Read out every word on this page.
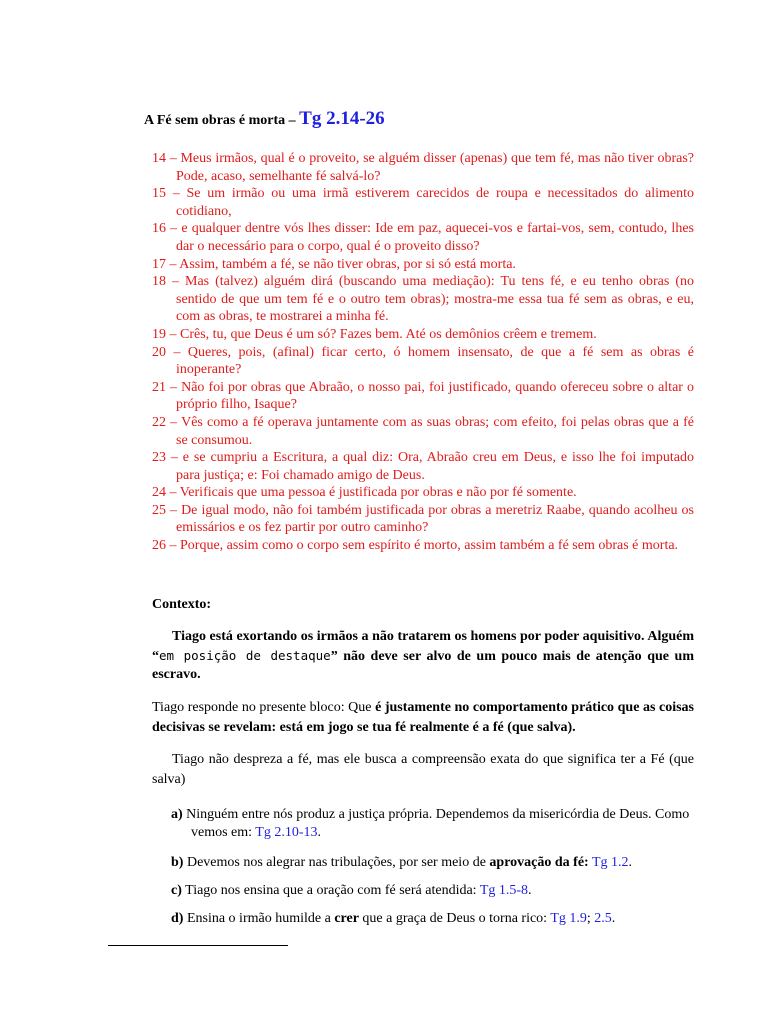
A Fé sem obras é morta – Tg 2.14-26
14 – Meus irmãos, qual é o proveito, se alguém disser (apenas) que tem fé, mas não tiver obras? Pode, acaso, semelhante fé salvá-lo?
15 – Se um irmão ou uma irmã estiverem carecidos de roupa e necessitados do alimento cotidiano,
16 – e qualquer dentre vós lhes disser: Ide em paz, aquecei-vos e fartai-vos, sem, contudo, lhes dar o necessário para o corpo, qual é o proveito disso?
17 – Assim, também a fé, se não tiver obras, por si só está morta.
18 – Mas (talvez) alguém dirá (buscando uma mediação): Tu tens fé, e eu tenho obras (no sentido de que um tem fé e o outro tem obras); mostra-me essa tua fé sem as obras, e eu, com as obras, te mostrarei a minha fé.
19 – Crês, tu, que Deus é um só? Fazes bem. Até os demônios crêem e tremem.
20 – Queres, pois, (afinal) ficar certo, ó homem insensato, de que a fé sem as obras é inoperante?
21 – Não foi por obras que Abraão, o nosso pai, foi justificado, quando ofereceu sobre o altar o próprio filho, Isaque?
22 – Vês como a fé operava juntamente com as suas obras; com efeito, foi pelas obras que a fé se consumou.
23 – e se cumpriu a Escritura, a qual diz: Ora, Abraão creu em Deus, e isso lhe foi imputado para justiça; e: Foi chamado amigo de Deus.
24 – Verificais que uma pessoa é justificada por obras e não por fé somente.
25 – De igual modo, não foi também justificada por obras a meretriz Raabe, quando acolheu os emissários e os fez partir por outro caminho?
26 – Porque, assim como o corpo sem espírito é morto, assim também a fé sem obras é morta.
Contexto:
Tiago está exortando os irmãos a não tratarem os homens por poder aquisitivo. Alguém “em posição de destaque” não deve ser alvo de um pouco mais de atenção que um escravo.
Tiago responde no presente bloco: Que é justamente no comportamento prático que as coisas decisivas se revelam: está em jogo se tua fé realmente é a fé (que salva).
Tiago não despreza a fé, mas ele busca a compreensão exata do que significa ter a Fé (que salva)
a) Ninguém entre nós produz a justiça própria. Dependemos da misericórdia de Deus. Como vemos em: Tg 2.10-13.
b) Devemos nos alegrar nas tribulações, por ser meio de aprovação da fé: Tg 1.2.
c) Tiago nos ensina que a oração com fé será atendida: Tg 1.5-8.
d) Ensina o irmão humilde a crer que a graça de Deus o torna rico: Tg 1.9; 2.5.
